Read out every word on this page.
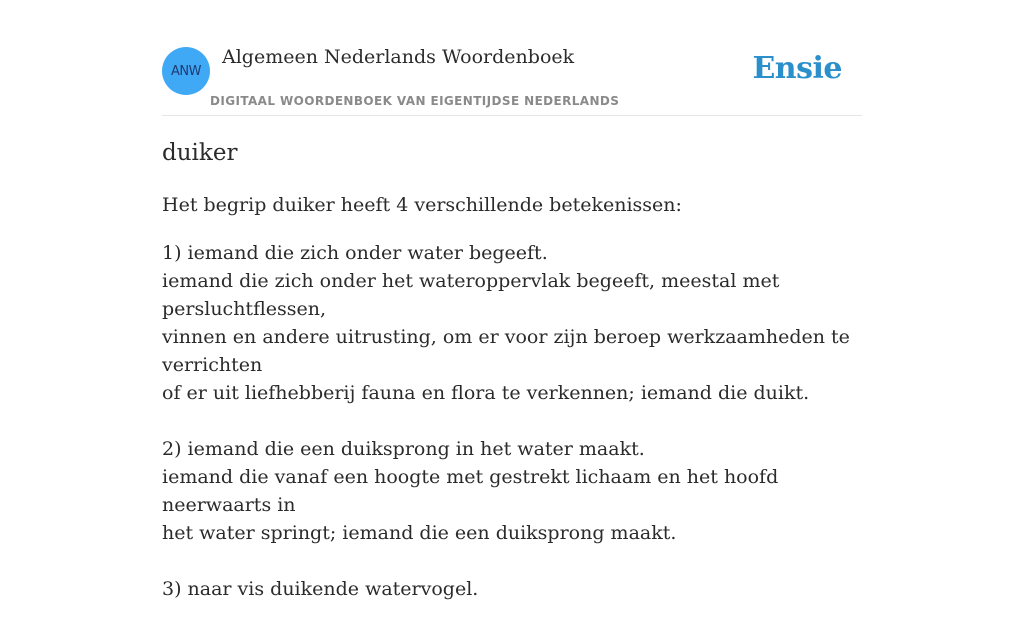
ANW
Algemeen Nederlands Woordenboek
DIGITAAL WOORDENBOEK VAN EIGENTIJDSE NEDERLANDS
Ensie
duiker
Het begrip duiker heeft 4 verschillende betekenissen:
1) iemand die zich onder water begeeft.
iemand die zich onder het wateroppervlak begeeft, meestal met persluchtflessen,
vinnen en andere uitrusting, om er voor zijn beroep werkzaamheden te verrichten
of er uit liefhebberij fauna en flora te verkennen; iemand die duikt.
2) iemand die een duiksprong in het water maakt.
iemand die vanaf een hoogte met gestrekt lichaam en het hoofd neerwaarts in
het water springt; iemand die een duiksprong maakt.
3) naar vis duikende watervogel.
